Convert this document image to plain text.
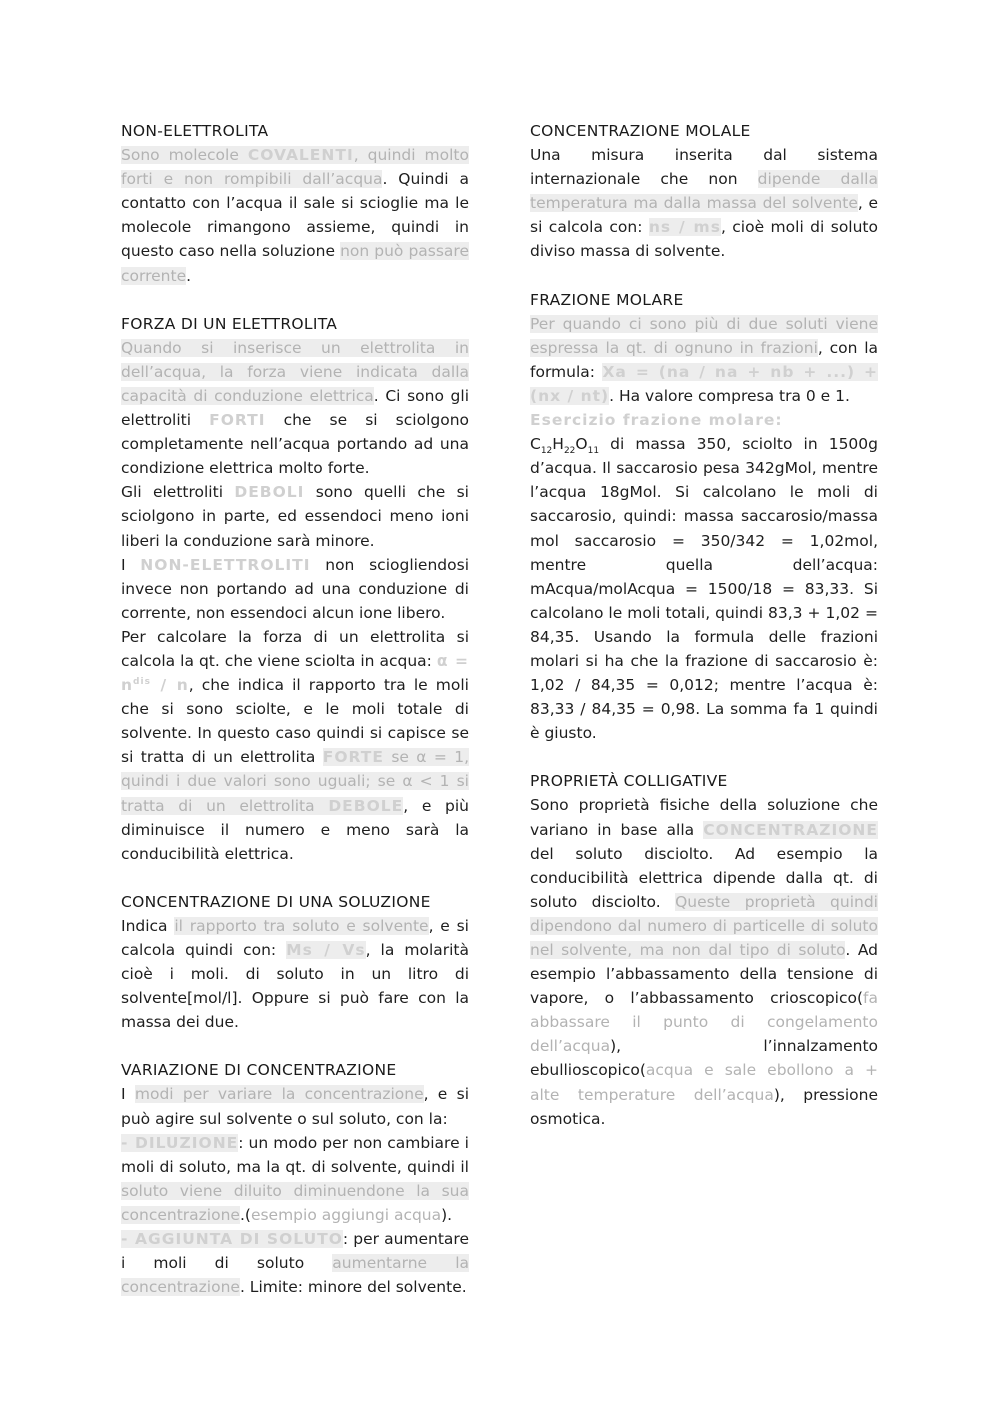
NON-ELETTROLITA

Sono molecole COVALENTI, quindi molto forti e non rompibili dall’acqua. Quindi a contatto con l’acqua il sale si scioglie ma le molecole rimangono assieme, quindi in questo caso nella soluzione non può passare corrente.

FORZA DI UN ELETTROLITA

Quando si inserisce un elettrolita in dell’acqua, la forza viene indicata dalla capacità di conduzione elettrica. Ci sono gli elettroliti FORTI che se si sciolgono completamente nell’acqua portando ad una condizione elettrica molto forte.

Gli elettroliti DEBOLI sono quelli che si sciolgono in parte, ed essendoci meno ioni liberi la conduzione sarà minore.

I NON-ELETTROLITI non sciogliendosi invece non portando ad una conduzione di corrente, non essendoci alcun ione libero.

Per calcolare la forza di un elettrolita si calcola la qt. che viene sciolta in acqua: $\alpha = n^{dis} / n$, che indica il rapporto tra le moli che si sono sciolte, e le moli totale di solvente. In questo caso quindi si capisce se si tratta di un elettrolita FORTE se α = 1, quindi i due valori sono uguali; se α < 1 si tratta di un elettrolita DEBOLE, e più diminuisce il numero e meno sarà la conducibilità elettrica.

CONCENTRAZIONE DI UNA SOLUZIONE

Indica il rapporto tra soluto e solvente, e si calcola quindi con: Ms / Vs, la molarità cioè i moli. di soluto in un litro di solvente[mol/l]. Oppure si può fare con la massa dei due.

VARIAZIONE DI CONCENTRAZIONE

I modi per variare la concentrazione, e si può agire sul solvente o sul soluto, con la:

- DILUZIONE: un modo per non cambiare i moli di soluto, ma la qt. di solvente, quindi il soluto viene diluito diminuendone la sua concentrazione.(esempio aggiungi acqua).

- AGGIUNTA DI SOLUTO: per aumentare i moli di soluto aumentarne la concentrazione. Limite: minore del solvente.

CONCENTRAZIONE MOLALE

Una misura inserita dal sistema internazionale che non dipende dalla temperatura ma dalla massa del solvente, e si calcola con: ns / ms, cioè moli di soluto diviso massa di solvente.

FRAZIONE MOLARE

Per quando ci sono più di due soluti viene espressa la qt. di ognuno in frazioni, con la formula: Xa = (na / na + nb + ...) + (nx / nt). Ha valore compresa tra 0 e 1.

Esercizio frazione molare:

$C_{12}H_{22}O_{11}$ di massa 350, sciolto in 1500g d’acqua. Il saccarosio pesa 342gMol, mentre l’acqua 18gMol. Si calcolano le moli di saccarosio, quindi: massa saccarosio/massa mol saccarosio = 350/342 = 1,02mol, mentre quella dell’acqua: mAcqua/molAcqua = 1500/18 = 83,33. Si calcolano le moli totali, quindi 83,3 + 1,02 = 84,35. Usando la formula delle frazioni molari si ha che la frazione di saccarosio è: 1,02 / 84,35 = 0,012; mentre l’acqua è: 83,33 / 84,35 = 0,98. La somma fa 1 quindi è giusto.

PROPRIETÀ COLLIGATIVE

Sono proprietà fisiche della soluzione che variano in base alla CONCENTRAZIONE del soluto disciolto. Ad esempio la conducibilità elettrica dipende dalla qt. di soluto disciolto. Queste proprietà quindi dipendono dal numero di particelle di soluto nel solvente, ma non dal tipo di soluto. Ad esempio l’abbassamento della tensione di vapore, o l’abbassamento crioscopico(fa abbassare il punto di congelamento dell’acqua), l’innalzamento ebullioscopico(acqua e sale ebollono a + alte temperature dell’acqua), pressione osmotica.
